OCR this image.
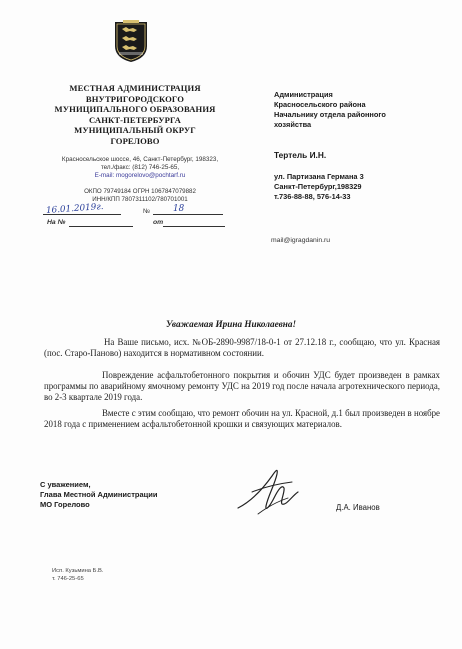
МЕСТНАЯ АДМИНИСТРАЦИЯ
ВНУТРИГОРОДСКОГО
МУНИЦИПАЛЬНОГО ОБРАЗОВАНИЯ
САНКТ-ПЕТЕРБУРГА
МУНИЦИПАЛЬНЫЙ ОКРУГ
ГОРЕЛОВО
Красносельское шоссе, 46, Санкт-Петербург, 198323,
тел./факс: (812) 746-25-65,
E-mail: mogorelovo@pochtarf.ru
ОКПО 79749184 ОГРН 1067847079882
ИНН/КПП 7807311102/780701001
16.01.2019г.	№	18
На №	от
Администрация
Красносельского района
Начальнику отдела районного
хозяйства
Тертель И.Н.
ул. Партизана Германа 3
Санкт-Петербург,198329
т.736-88-88, 576-14-33
mail@igragdanin.ru
Уважаемая Ирина Николаевна!
На Ваше письмо, исх. №ОБ-2890-9987/18-0-1 от 27.12.18 г., сообщаю, что ул. Красная (пос. Старо-Паново) находится в нормативном состоянии.
Повреждение асфальтобетонного покрытия и обочин УДС будет произведен в рамках программы по аварийному ямочному ремонту УДС на 2019 год после начала агротехнического периода, во 2-3 квартале 2019 года.
Вместе с этим сообщаю, что ремонт обочин на ул. Красной, д.1 был произведен в ноябре 2018 года с применением асфальтобетонной крошки и связующих материалов.
С уважением,
Глава Местной Администрации
МО Горелово	Д.А. Иванов
Исп. Кузьмина Б.В.
т. 746-25-65
